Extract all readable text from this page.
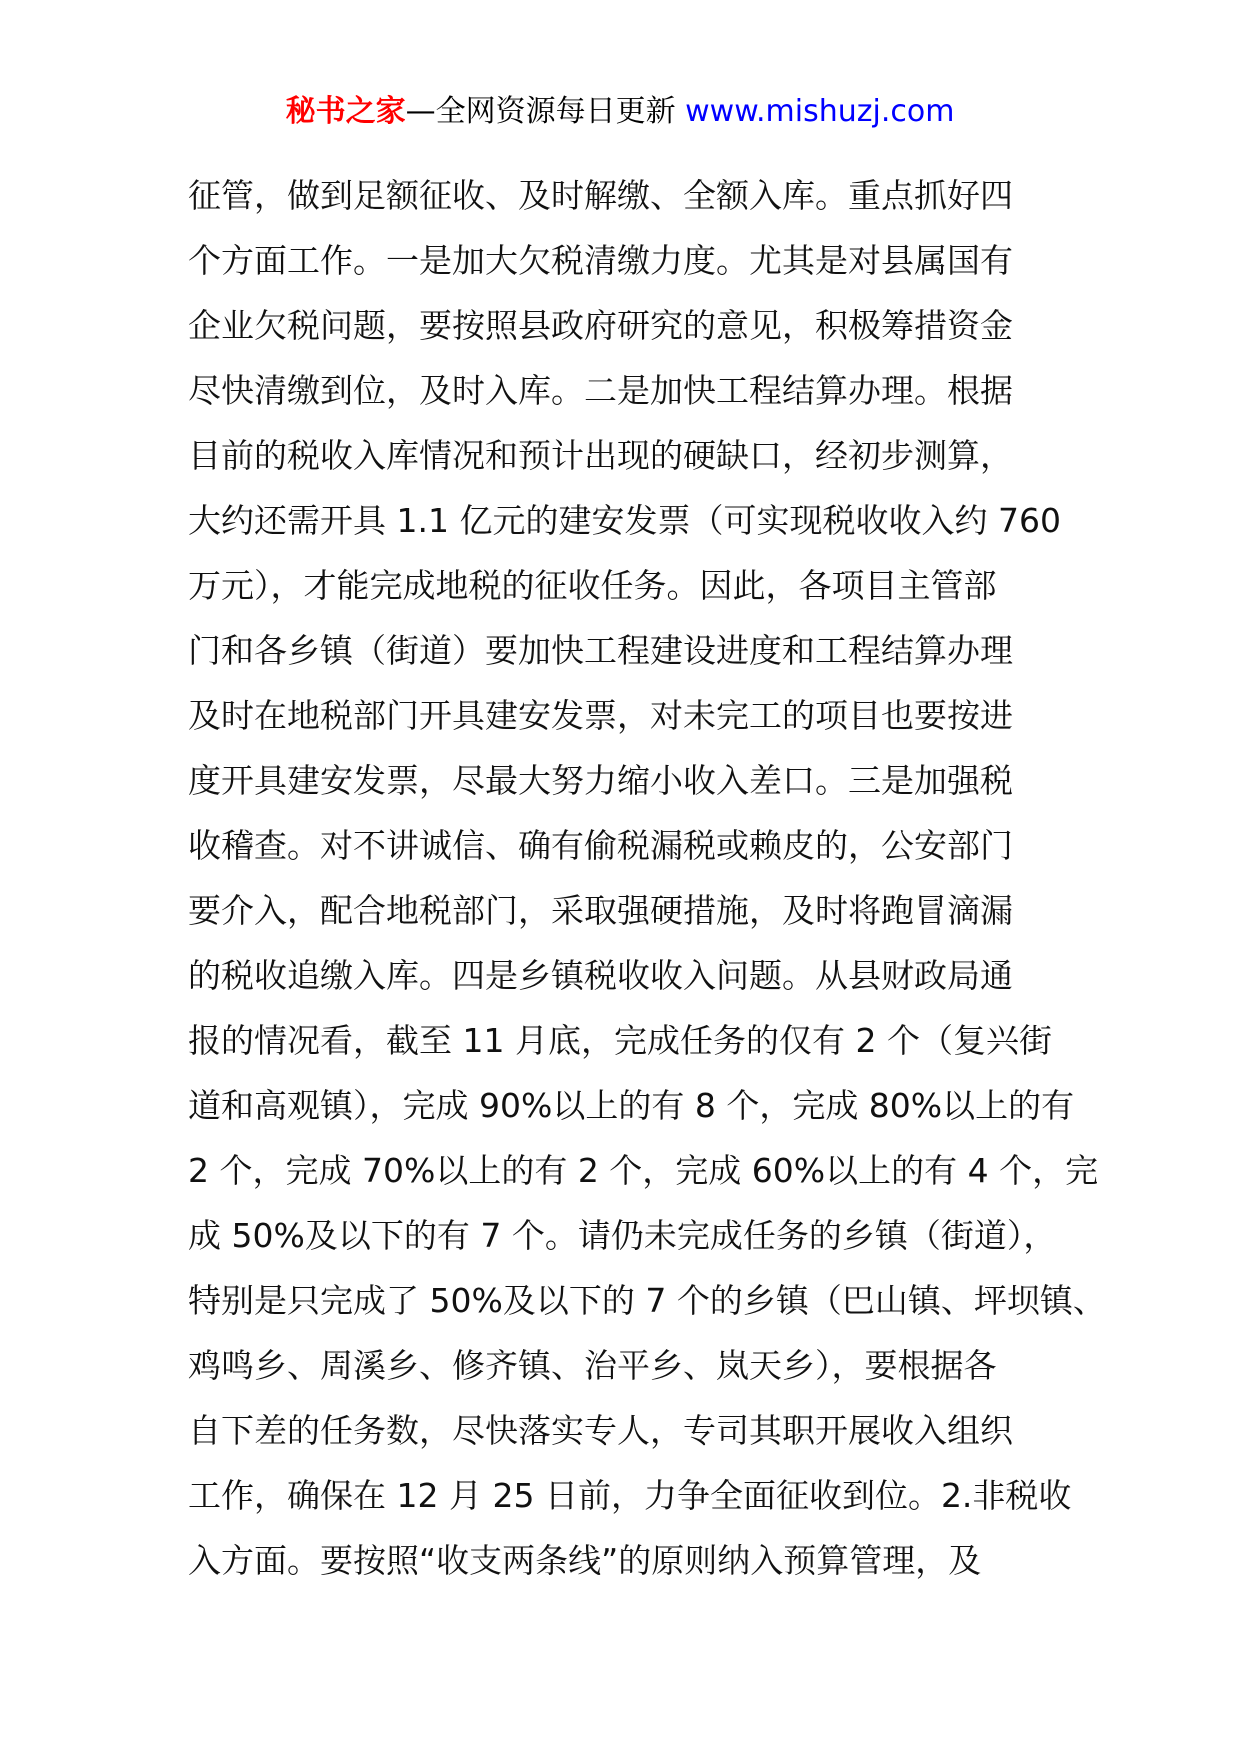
秘书之家—全网资源每日更新 www.mishuzj.com
征管，做到足额征收、及时解缴、全额入库。重点抓好四
个方面工作。一是加大欠税清缴力度。尤其是对县属国有
企业欠税问题，要按照县政府研究的意见，积极筹措资金
尽快清缴到位，及时入库。二是加快工程结算办理。根据
目前的税收入库情况和预计出现的硬缺口，经初步测算，
大约还需开具 1.1 亿元的建安发票（可实现税收收入约 760
万元），才能完成地税的征收任务。因此，各项目主管部
门和各乡镇（街道）要加快工程建设进度和工程结算办理
及时在地税部门开具建安发票，对未完工的项目也要按进
度开具建安发票，尽最大努力缩小收入差口。三是加强税
收稽查。对不讲诚信、确有偷税漏税或赖皮的，公安部门
要介入，配合地税部门，采取强硬措施，及时将跑冒滴漏
的税收追缴入库。四是乡镇税收收入问题。从县财政局通
报的情况看，截至 11 月底，完成任务的仅有 2 个（复兴街
道和高观镇），完成 90%以上的有 8 个，完成 80%以上的有
2 个，完成 70%以上的有 2 个，完成 60%以上的有 4 个，完
成 50%及以下的有 7 个。请仍未完成任务的乡镇（街道），
特别是只完成了 50%及以下的 7 个的乡镇（巴山镇、坪坝镇、
鸡鸣乡、周溪乡、修齐镇、治平乡、岚天乡），要根据各
自下差的任务数，尽快落实专人，专司其职开展收入组织
工作，确保在 12 月 25 日前，力争全面征收到位。2.非税收
入方面。要按照“收支两条线”的原则纳入预算管理，及
